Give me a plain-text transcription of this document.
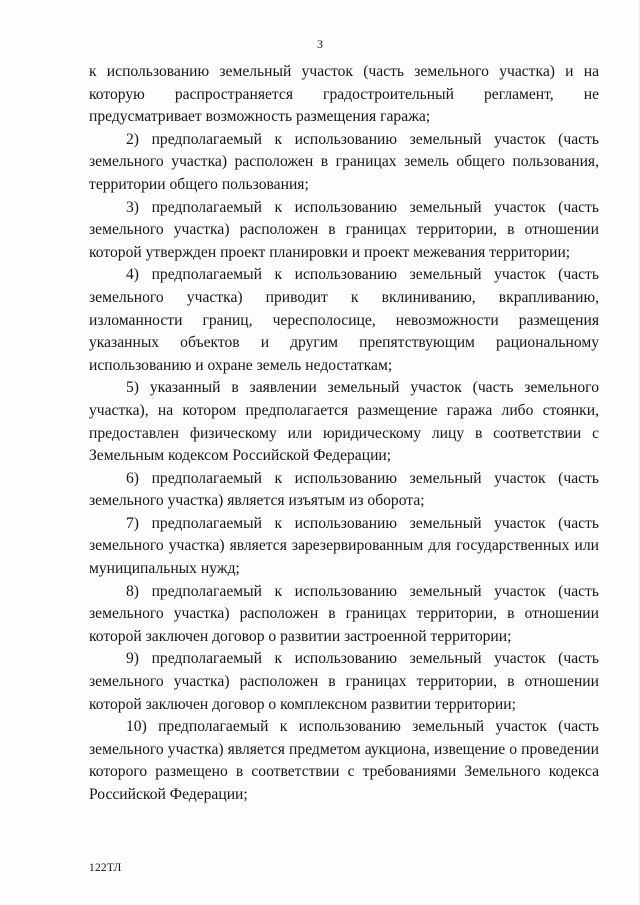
3

к использованию земельный участок (часть земельного участка) и на которую распространяется градостроительный регламент, не предусматривает возможность размещения гаража;

2) предполагаемый к использованию земельный участок (часть земельного участка) расположен в границах земель общего пользования, территории общего пользования;

3) предполагаемый к использованию земельный участок (часть земельного участка) расположен в границах территории, в отношении которой утвержден проект планировки и проект межевания территории;

4) предполагаемый к использованию земельный участок (часть земельного участка) приводит к вклиниванию, вкрапливанию, изломанности границ, чересполосице, невозможности размещения указанных объектов и другим препятствующим рациональному использованию и охране земель недостаткам;

5) указанный в заявлении земельный участок (часть земельного участка), на котором предполагается размещение гаража либо стоянки, предоставлен физическому или юридическому лицу в соответствии с Земельным кодексом Российской Федерации;

6) предполагаемый к использованию земельный участок (часть земельного участка) является изъятым из оборота;

7) предполагаемый к использованию земельный участок (часть земельного участка) является зарезервированным для государственных или муниципальных нужд;

8) предполагаемый к использованию земельный участок (часть земельного участка) расположен в границах территории, в отношении которой заключен договор о развитии застроенной территории;

9) предполагаемый к использованию земельный участок (часть земельного участка) расположен в границах территории, в отношении которой заключен договор о комплексном развитии территории;

10) предполагаемый к использованию земельный участок (часть земельного участка) является предметом аукциона, извещение о проведении которого размещено в соответствии с требованиями Земельного кодекса Российской Федерации;

122ТЛ
